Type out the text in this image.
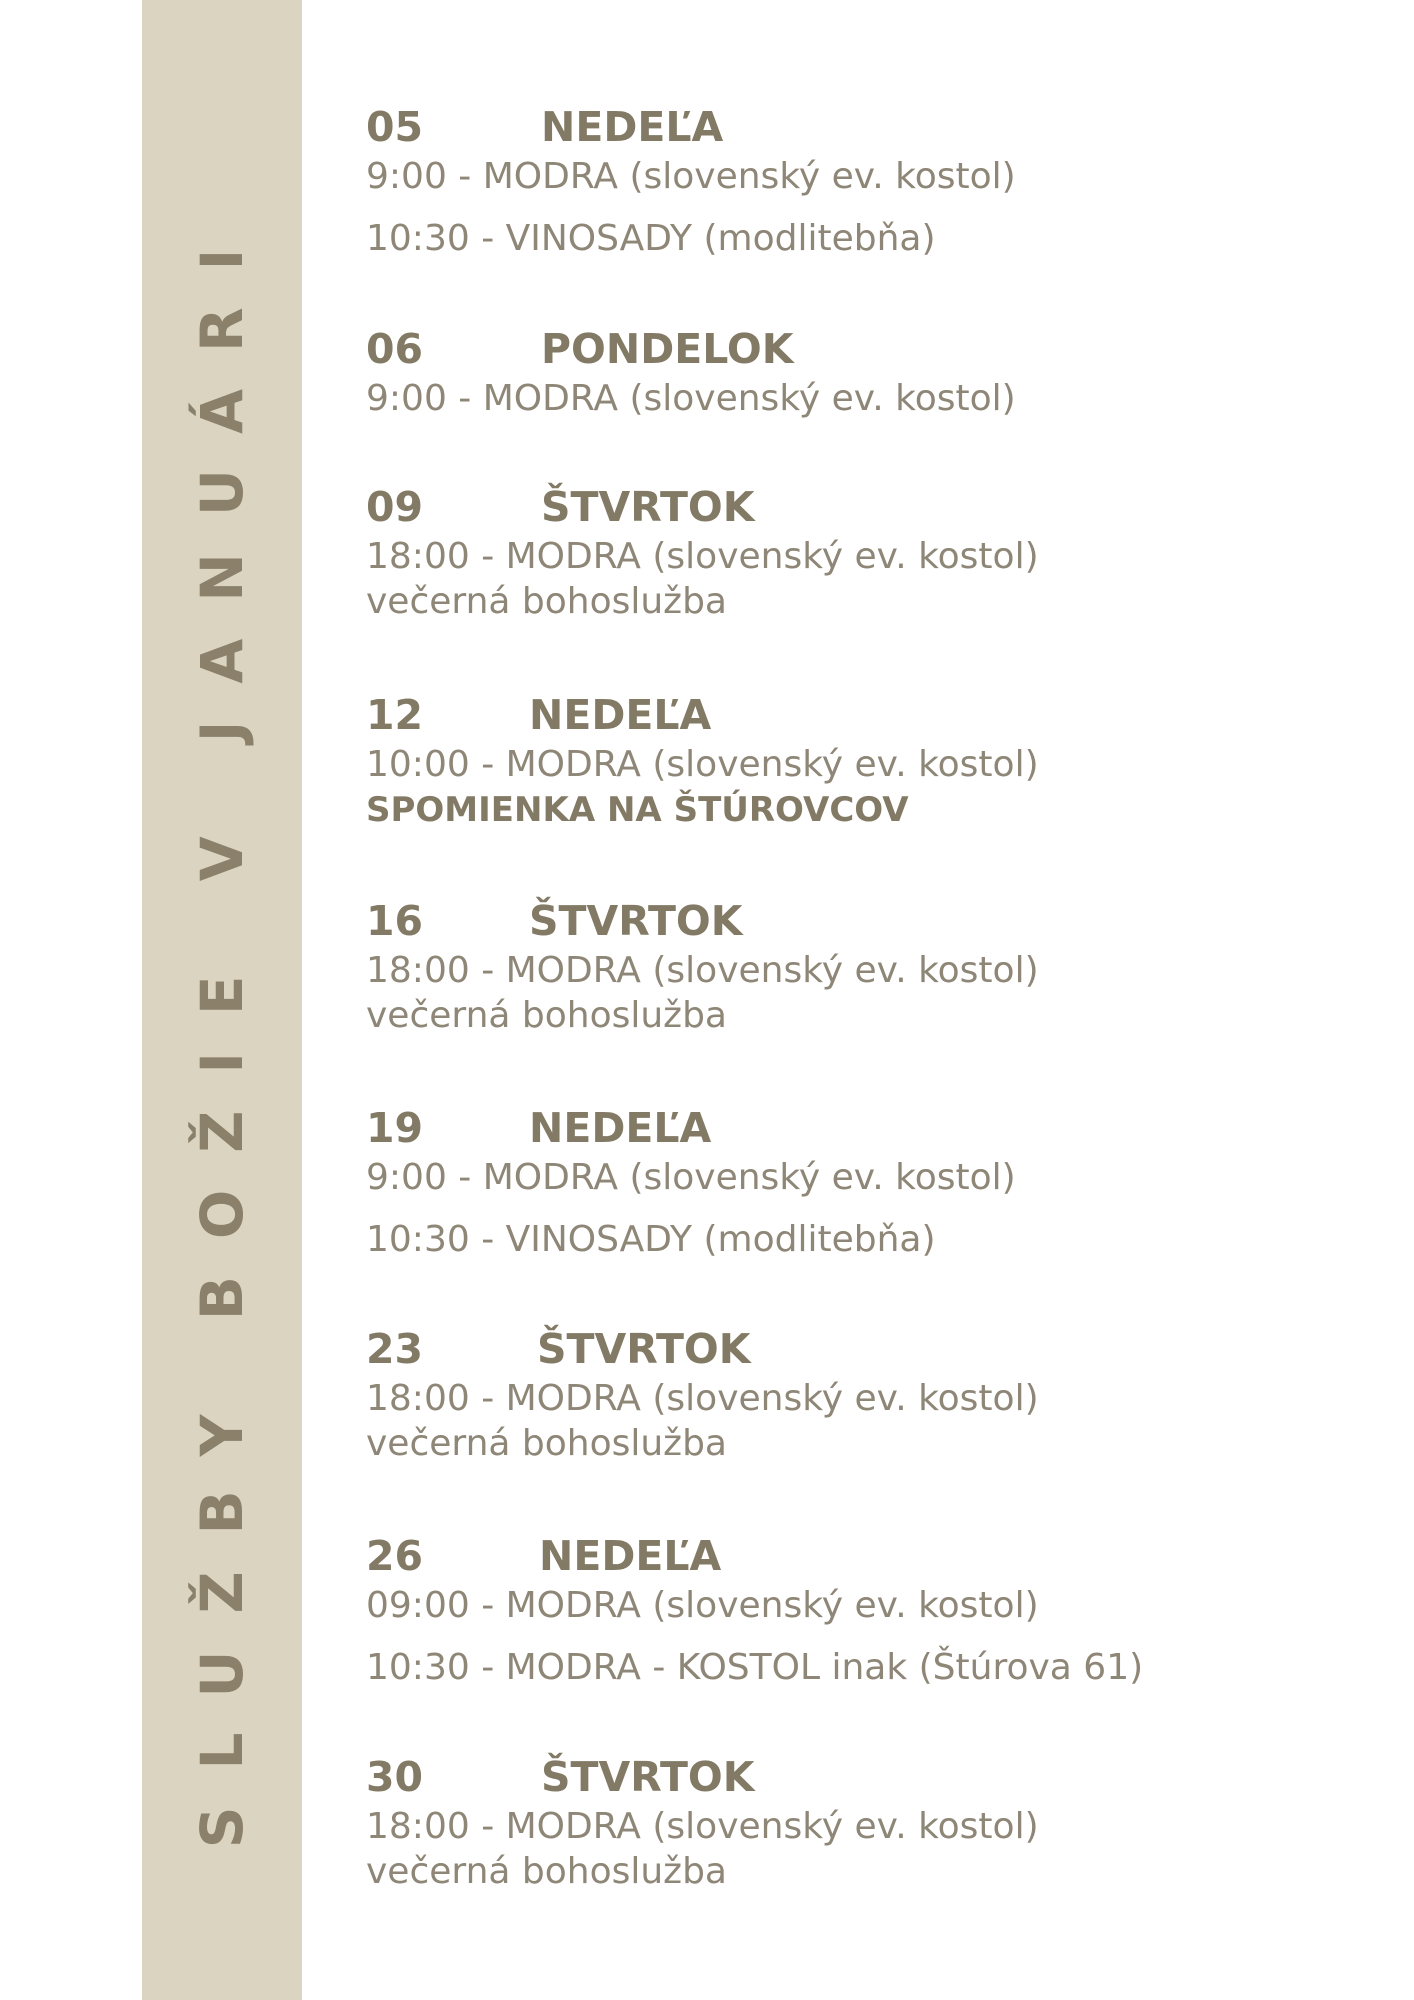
SLUŽBY BOŽIE V JANUÁRI
05	NEDEĽA
9:00 - MODRA (slovenský ev. kostol)
10:30 - VINOSADY (modlitebňa)
06	PONDELOK
9:00 - MODRA (slovenský ev. kostol)
09	ŠTVRTOK
18:00 - MODRA (slovenský ev. kostol)
večerná bohoslužba
12	NEDEĽA
10:00 - MODRA (slovenský ev. kostol)
SPOMIENKA NA ŠTÚROVCOV
16	ŠTVRTOK
18:00 - MODRA (slovenský ev. kostol)
večerná bohoslužba
19	NEDEĽA
9:00 - MODRA (slovenský ev. kostol)
10:30 - VINOSADY (modlitebňa)
23	ŠTVRTOK
18:00 - MODRA (slovenský ev. kostol)
večerná bohoslužba
26	NEDEĽA
09:00 - MODRA (slovenský ev. kostol)
10:30 - MODRA - KOSTOL inak (Štúrova 61)
30	ŠTVRTOK
18:00 - MODRA (slovenský ev. kostol)
večerná bohoslužba
